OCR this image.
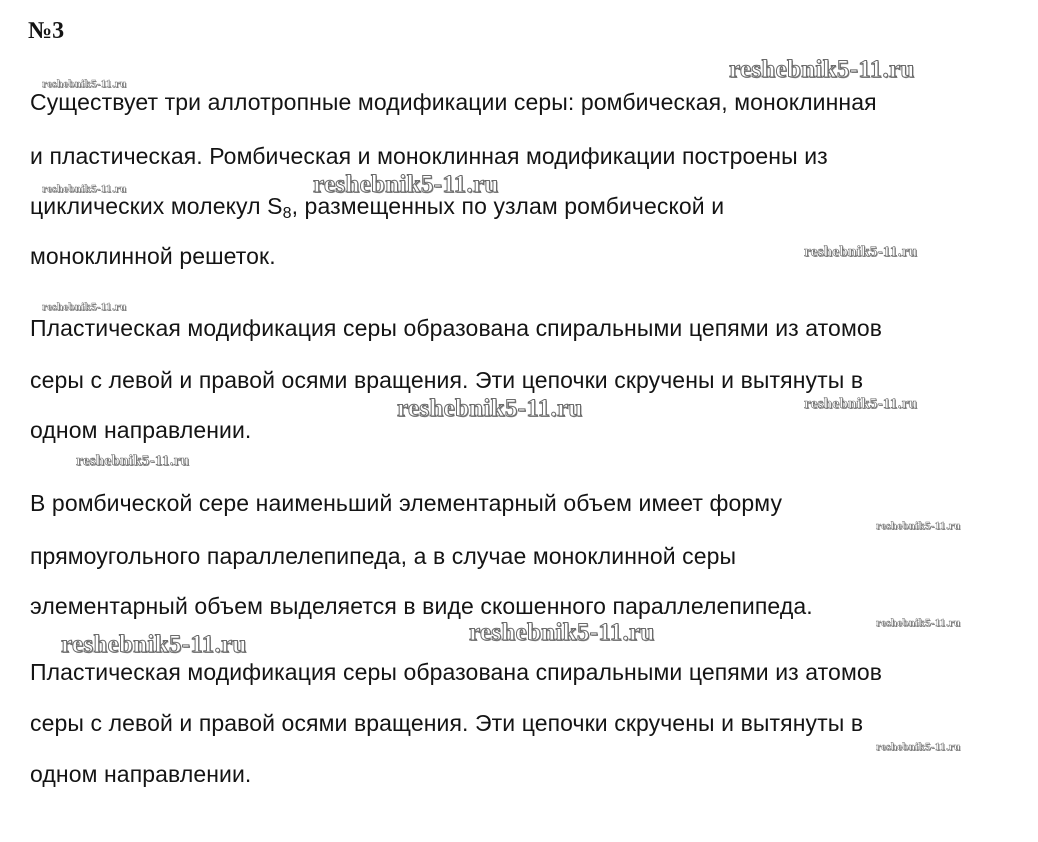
№3
Существует три аллотропные модификации серы: ромбическая, моноклинная
и пластическая. Ромбическая и моноклинная модификации построены из
циклических молекул $S_8$, размещенных по узлам ромбической и
моноклинной решеток.
Пластическая модификация серы образована спиральными цепями из атомов
серы с левой и правой осями вращения. Эти цепочки скручены и вытянуты в
одном направлении.
В ромбической сере наименьший элементарный объем имеет форму
прямоугольного параллелепипеда, а в случае моноклинной серы
элементарный объем выделяется в виде скошенного параллелепипеда.
Пластическая модификация серы образована спиральными цепями из атомов
серы с левой и правой осями вращения. Эти цепочки скручены и вытянуты в
одном направлении.
reshebnik5-11.ru
reshebnik5-11.ru
reshebnik5-11.ru
reshebnik5-11.ru
reshebnik5-11.ru
reshebnik5-11.ru
reshebnik5-11.ru	reshebnik5-11.ru
reshebnik5-11.ru
reshebnik5-11.ru
reshebnik5-11.ru
reshebnik5-11.ru
reshebnik5-11.ru
reshebnik5-11.ru
